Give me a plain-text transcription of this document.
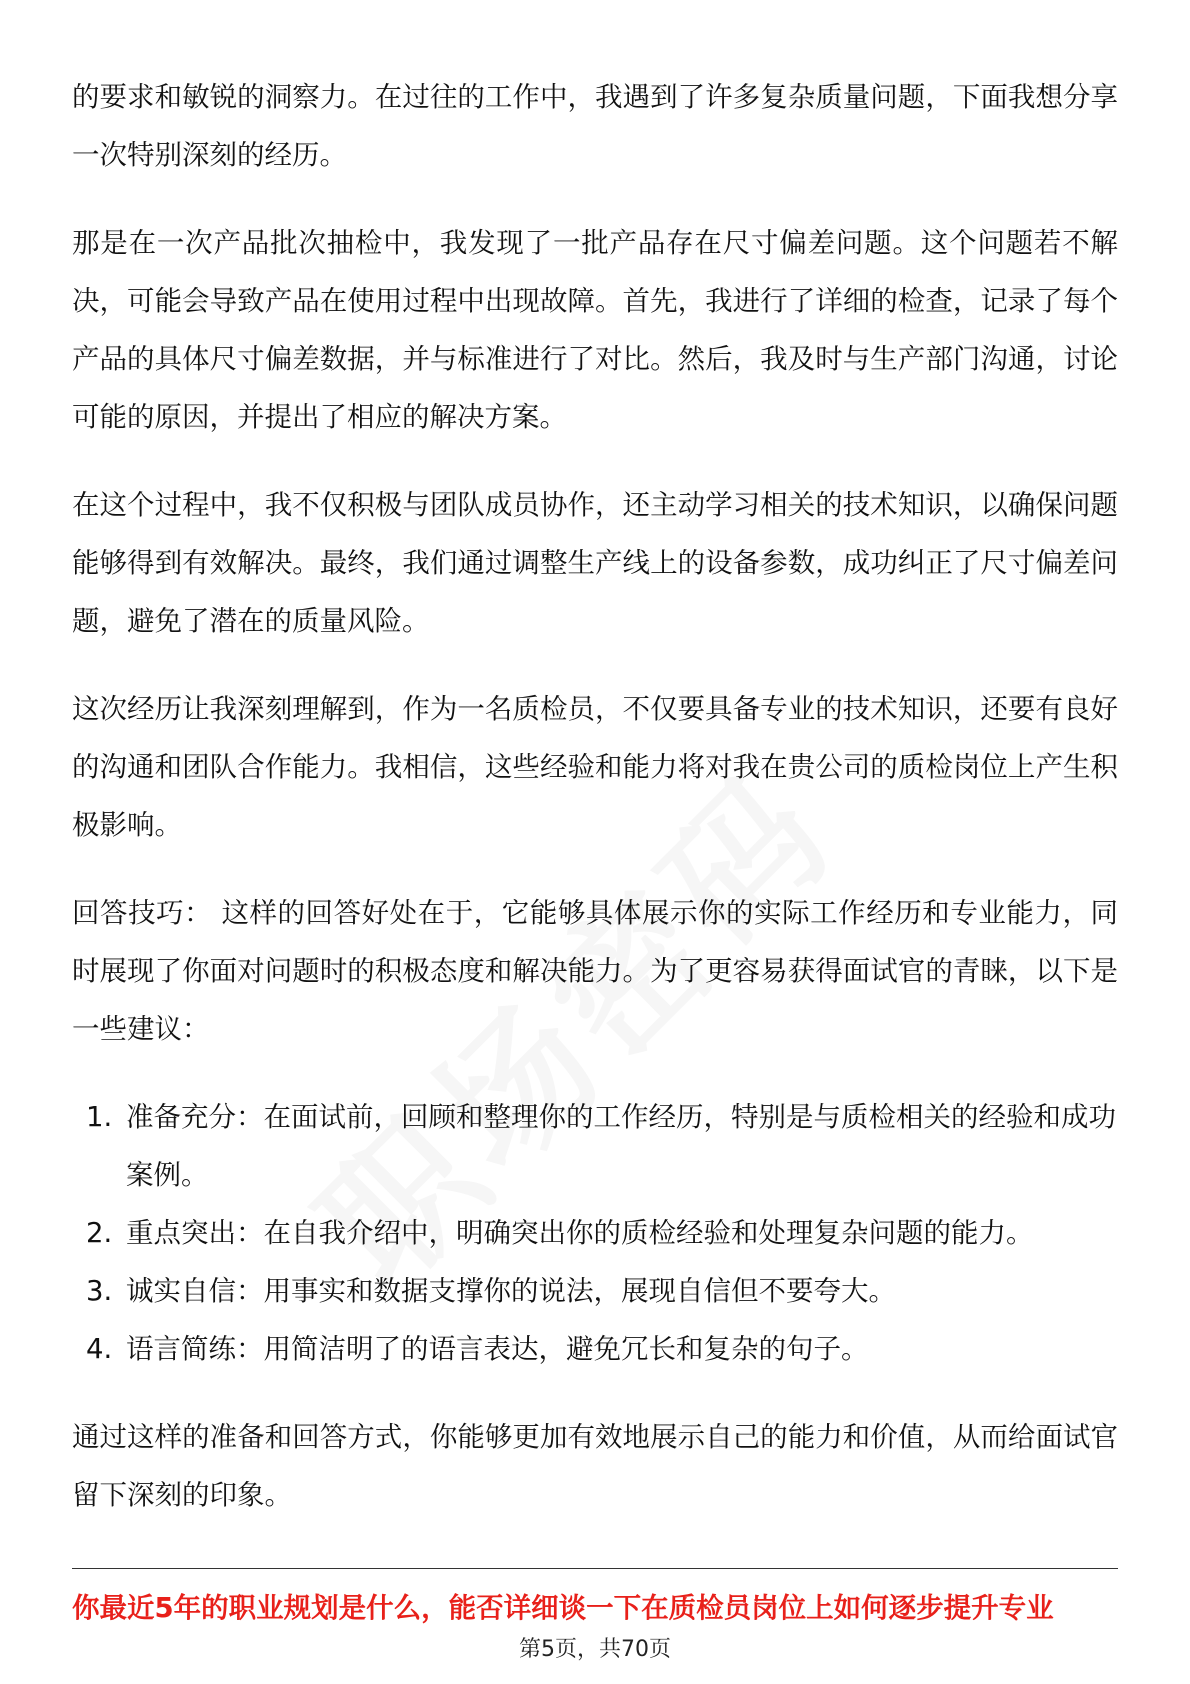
的要求和敏锐的洞察力。在过往的工作中，我遇到了许多复杂质量问题，下面我想分享一次特别深刻的经历。

那是在一次产品批次抽检中，我发现了一批产品存在尺寸偏差问题。这个问题若不解决，可能会导致产品在使用过程中出现故障。首先，我进行了详细的检查，记录了每个产品的具体尺寸偏差数据，并与标准进行了对比。然后，我及时与生产部门沟通，讨论可能的原因，并提出了相应的解决方案。

在这个过程中，我不仅积极与团队成员协作，还主动学习相关的技术知识，以确保问题能够得到有效解决。最终，我们通过调整生产线上的设备参数，成功纠正了尺寸偏差问题，避免了潜在的质量风险。

这次经历让我深刻理解到，作为一名质检员，不仅要具备专业的技术知识，还要有良好的沟通和团队合作能力。我相信，这些经验和能力将对我在贵公司的质检岗位上产生积极影响。

回答技巧： 这样的回答好处在于，它能够具体展示你的实际工作经历和专业能力，同时展现了你面对问题时的积极态度和解决能力。为了更容易获得面试官的青睐，以下是一些建议：

1. 准备充分：在面试前，回顾和整理你的工作经历，特别是与质检相关的经验和成功案例。
2. 重点突出：在自我介绍中，明确突出你的质检经验和处理复杂问题的能力。
3. 诚实自信：用事实和数据支撑你的说法，展现自信但不要夸大。
4. 语言简练：用简洁明了的语言表达，避免冗长和复杂的句子。

通过这样的准备和回答方式，你能够更加有效地展示自己的能力和价值，从而给面试官留下深刻的印象。

你最近5年的职业规划是什么，能否详细谈一下在质检员岗位上如何逐步提升专业
第5页，共70页
